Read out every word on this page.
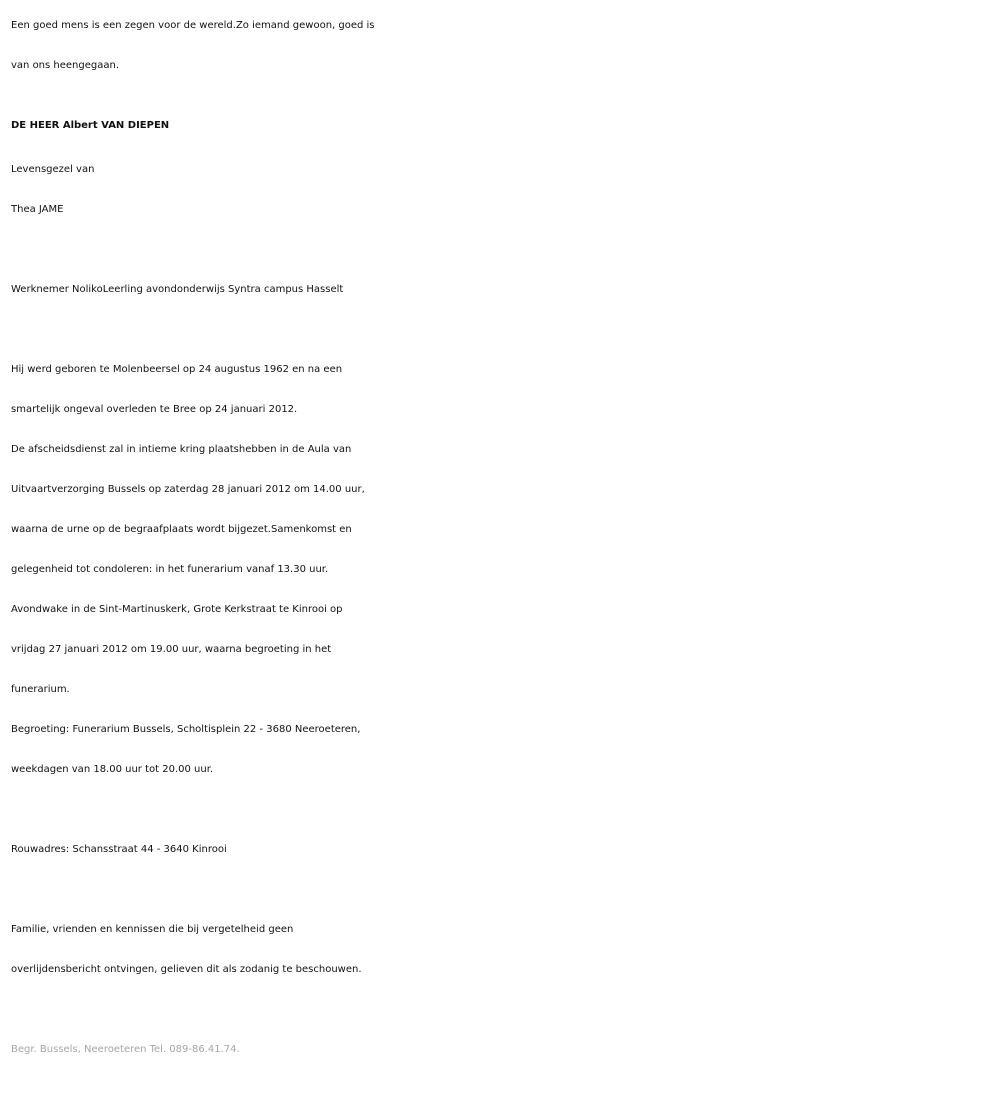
Een goed mens is een zegen voor de wereld.Zo iemand gewoon, goed is

van ons heengegaan.

DE HEER Albert VAN DIEPEN

Levensgezel van

Thea JAME

Werknemer NolikoLeerling avondonderwijs Syntra campus Hasselt

Hij werd geboren te Molenbeersel op 24 augustus 1962 en na een

smartelijk ongeval overleden te Bree op 24 januari 2012.

De afscheidsdienst zal in intieme kring plaatshebben in de Aula van

Uitvaartverzorging Bussels op zaterdag 28 januari 2012 om 14.00 uur,

waarna de urne op de begraafplaats wordt bijgezet.Samenkomst en

gelegenheid tot condoleren: in het funerarium vanaf 13.30 uur.

Avondwake in de Sint-Martinuskerk, Grote Kerkstraat te Kinrooi op

vrijdag 27 januari 2012 om 19.00 uur, waarna begroeting in het

funerarium.

Begroeting: Funerarium Bussels, Scholtisplein 22 - 3680 Neeroeteren,

weekdagen van 18.00 uur tot 20.00 uur.

Rouwadres: Schansstraat 44 - 3640 Kinrooi

Familie, vrienden en kennissen die bij vergetelheid geen

overlijdensbericht ontvingen, gelieven dit als zodanig te beschouwen.

Begr. Bussels, Neeroeteren Tel. 089-86.41.74.
